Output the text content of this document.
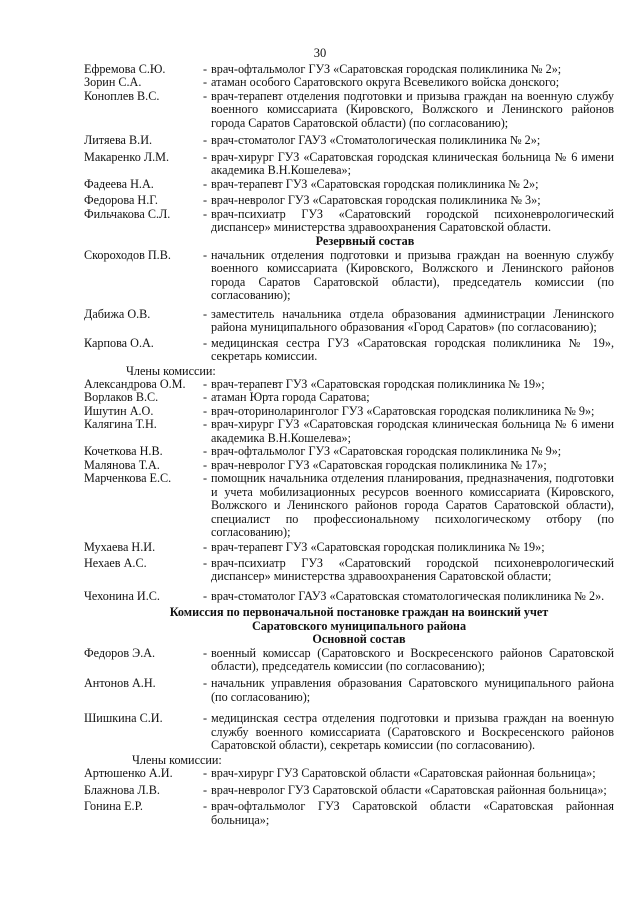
30
Ефремова С.Ю.	- врач-офтальмолог ГУЗ «Саратовская городская поликлиника № 2»;
Зорин С.А.	- атаман особого Саратовского округа Всевеликого войска донского;
Коноплев В.С.	- врач-терапевт отделения подготовки и призыва граждан на военную службу военного комиссариата (Кировского, Волжского и Ленинского районов города Саратов Саратовской области) (по согласованию);
Литяева В.И.	- врач-стоматолог ГАУЗ «Стоматологическая поликлиника № 2»;
Макаренко Л.М.	- врач-хирург ГУЗ «Саратовская городская клиническая больница № 6 имени академика В.Н.Кошелева»;
Фадеева Н.А.	- врач-терапевт ГУЗ «Саратовская городская поликлиника № 2»;
Федорова Н.Г.	- врач-невролог ГУЗ «Саратовская городская поликлиника № 3»;
Фильчакова С.Л.	- врач-психиатр ГУЗ «Саратовский городской психоневрологический диспансер» министерства здравоохранения Саратовской области.
Резервный состав
Скороходов П.В.	- начальник отделения подготовки и призыва граждан на военную службу военного комиссариата (Кировского, Волжского и Ленинского районов города Саратов Саратовской области), председатель комиссии (по согласованию);
Дабижа О.В.	- заместитель начальника отдела образования администрации Ленинского района муниципального образования «Город Саратов» (по согласованию);
Карпова О.А.	- медицинская сестра ГУЗ «Саратовская городская поликлиника № 19», секретарь комиссии.
Члены комиссии:
Александрова О.М.	- врач-терапевт ГУЗ «Саратовская городская поликлиника № 19»;
Ворлаков В.С.	- атаман Юрта города Саратова;
Ишутин А.О.	- врач-оториноларинголог ГУЗ «Саратовская городская поликлиника № 9»;
Калягина Т.Н.	- врач-хирург ГУЗ «Саратовская городская клиническая больница № 6 имени академика В.Н.Кошелева»;
Кочеткова Н.В.	- врач-офтальмолог ГУЗ «Саратовская городская поликлиника № 9»;
Малянова Т.А.	- врач-невролог ГУЗ «Саратовская городская поликлиника № 17»;
Марченкова Е.С.	- помощник начальника отделения планирования, предназначения, подготовки и учета мобилизационных ресурсов военного комиссариата (Кировского, Волжского и Ленинского районов города Саратов Саратовской области), специалист по профессиональному психологическому отбору (по согласованию);
Мухаева Н.И.	- врач-терапевт ГУЗ «Саратовская городская поликлиника № 19»;
Нехаев А.С.	- врач-психиатр ГУЗ «Саратовский городской психоневрологический диспансер» министерства здравоохранения Саратовской области;
Чехонина И.С.	- врач-стоматолог ГАУЗ «Саратовская стоматологическая поликлиника № 2».
Комиссия по первоначальной постановке граждан на воинский учет
Саратовского муниципального района
Основной состав
Федоров Э.А.	- военный комиссар (Саратовского и Воскресенского районов Саратовской области), председатель комиссии (по согласованию);
Антонов А.Н.	- начальник управления образования Саратовского муниципального района (по согласованию);
Шишкина С.И.	- медицинская сестра отделения подготовки и призыва граждан на военную службу военного комиссариата (Саратовского и Воскресенского районов Саратовской области), секретарь комиссии (по согласованию).
Члены комиссии:
Артюшенко А.И.	- врач-хирург ГУЗ Саратовской области «Саратовская районная больница»;
Блажнова Л.В.	- врач-невролог ГУЗ Саратовской области «Саратовская районная больница»;
Гонина Е.Р.	- врач-офтальмолог ГУЗ Саратовской области «Саратовская районная больница»;
